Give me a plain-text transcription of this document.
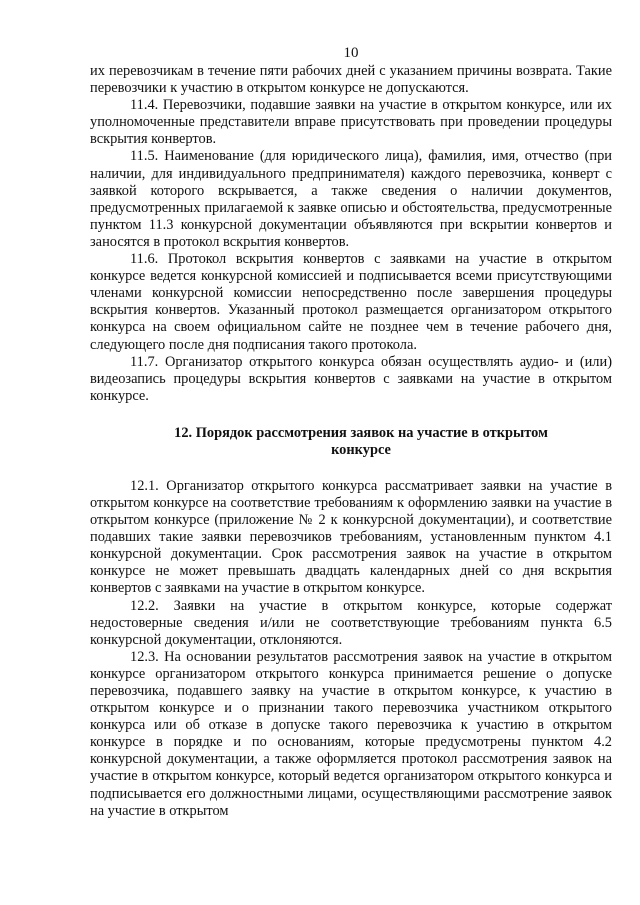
10

их перевозчикам в течение пяти рабочих дней с указанием причины возврата. Такие перевозчики к участию в открытом конкурсе не допускаются.

11.4. Перевозчики, подавшие заявки на участие в открытом конкурсе, или их уполномоченные представители вправе присутствовать при проведении процедуры вскрытия конвертов.

11.5. Наименование (для юридического лица), фамилия, имя, отчество (при наличии, для индивидуального предпринимателя) каждого перевозчика, конверт с заявкой которого вскрывается, а также сведения о наличии документов, предусмотренных прилагаемой к заявке описью и обстоятельства, предусмотренные пунктом 11.3 конкурсной документации объявляются при вскрытии конвертов и заносятся в протокол вскрытия конвертов.

11.6. Протокол вскрытия конвертов с заявками на участие в открытом конкурсе ведется конкурсной комиссией и подписывается всеми присутствующими членами конкурсной комиссии непосредственно после завершения процедуры вскрытия конвертов. Указанный протокол размещается организатором открытого конкурса на своем официальном сайте не позднее чем в течение рабочего дня, следующего после дня подписания такого протокола.

11.7. Организатор открытого конкурса обязан осуществлять аудио- и (или) видеозапись процедуры вскрытия конвертов с заявками на участие в открытом конкурсе.

12. Порядок рассмотрения заявок на участие в открытом
конкурсе

12.1. Организатор открытого конкурса рассматривает заявки на участие в открытом конкурсе на соответствие требованиям к оформлению заявки на участие в открытом конкурсе (приложение № 2 к конкурсной документации), и соответствие подавших такие заявки перевозчиков требованиям, установленным пунктом 4.1 конкурсной документации. Срок рассмотрения заявок на участие в открытом конкурсе не может превышать двадцать календарных дней со дня вскрытия конвертов с заявками на участие в открытом конкурсе.

12.2. Заявки на участие в открытом конкурсе, которые содержат недостоверные сведения и/или не соответствующие требованиям пункта 6.5 конкурсной документации, отклоняются.

12.3. На основании результатов рассмотрения заявок на участие в открытом конкурсе организатором открытого конкурса принимается решение о допуске перевозчика, подавшего заявку на участие в открытом конкурсе, к участию в открытом конкурсе и о признании такого перевозчика участником открытого конкурса или об отказе в допуске такого перевозчика к участию в открытом конкурсе в порядке и по основаниям, которые предусмотрены пунктом 4.2 конкурсной документации, а также оформляется протокол рассмотрения заявок на участие в открытом конкурсе, который ведется организатором открытого конкурса и подписывается его должностными лицами, осуществляющими рассмотрение заявок на участие в открытом
